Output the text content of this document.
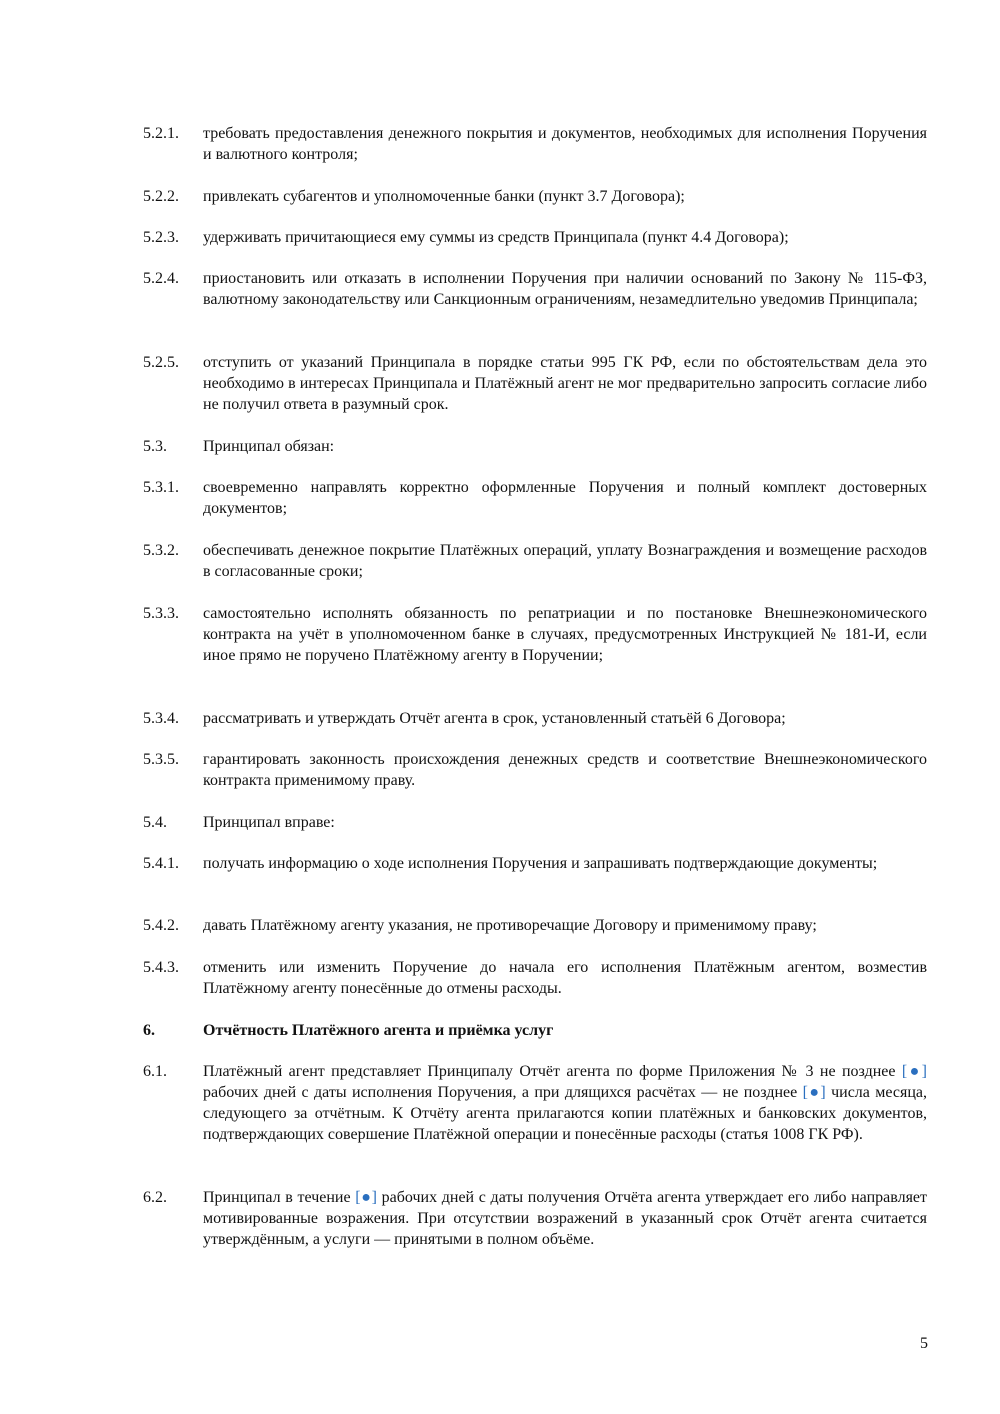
5.2.1.	требовать предоставления денежного покрытия и документов, необходимых для исполнения Поручения и валютного контроля;
5.2.2.	привлекать субагентов и уполномоченные банки (пункт 3.7 Договора);
5.2.3.	удерживать причитающиеся ему суммы из средств Принципала (пункт 4.4 Договора);
5.2.4.	приостановить или отказать в исполнении Поручения при наличии оснований по Закону № 115-ФЗ, валютному законодательству или Санкционным ограничениям, незамедлительно уведомив Принципала;
5.2.5.	отступить от указаний Принципала в порядке статьи 995 ГК РФ, если по обстоятельствам дела это необходимо в интересах Принципала и Платёжный агент не мог предварительно запросить согласие либо не получил ответа в разумный срок.
5.3.	Принципал обязан:
5.3.1.	своевременно направлять корректно оформленные Поручения и полный комплект достоверных документов;
5.3.2.	обеспечивать денежное покрытие Платёжных операций, уплату Вознаграждения и возмещение расходов в согласованные сроки;
5.3.3.	самостоятельно исполнять обязанность по репатриации и по постановке Внешнеэкономического контракта на учёт в уполномоченном банке в случаях, предусмотренных Инструкцией № 181-И, если иное прямо не поручено Платёжному агенту в Поручении;
5.3.4.	рассматривать и утверждать Отчёт агента в срок, установленный статьёй 6 Договора;
5.3.5.	гарантировать законность происхождения денежных средств и соответствие Внешнеэкономического контракта применимому праву.
5.4.	Принципал вправе:
5.4.1.	получать информацию о ходе исполнения Поручения и запрашивать подтверждающие документы;
5.4.2.	давать Платёжному агенту указания, не противоречащие Договору и применимому праву;
5.4.3.	отменить или изменить Поручение до начала его исполнения Платёжным агентом, возместив Платёжному агенту понесённые до отмены расходы.
6.	Отчётность Платёжного агента и приёмка услуг
6.1.	Платёжный агент представляет Принципалу Отчёт агента по форме Приложения № 3 не позднее [●] рабочих дней с даты исполнения Поручения, а при длящихся расчётах — не позднее [●] числа месяца, следующего за отчётным. К Отчёту агента прилагаются копии платёжных и банковских документов, подтверждающих совершение Платёжной операции и понесённые расходы (статья 1008 ГК РФ).
6.2.	Принципал в течение [●] рабочих дней с даты получения Отчёта агента утверждает его либо направляет мотивированные возражения. При отсутствии возражений в указанный срок Отчёт агента считается утверждённым, а услуги — принятыми в полном объёме.
5
